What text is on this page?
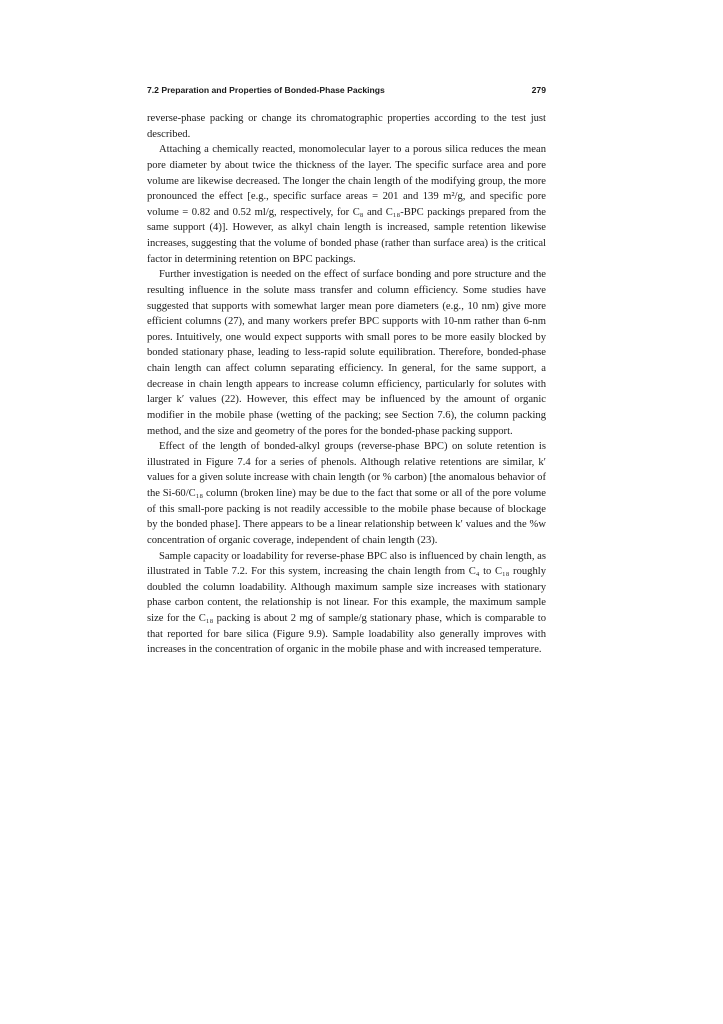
7.2 Preparation and Properties of Bonded-Phase Packings	279

reverse-phase packing or change its chromatographic properties according to the test just described.

Attaching a chemically reacted, monomolecular layer to a porous silica reduces the mean pore diameter by about twice the thickness of the layer. The specific surface area and pore volume are likewise decreased. The longer the chain length of the modifying group, the more pronounced the effect [e.g., specific surface areas = 201 and 139 m²/g, and specific pore volume = 0.82 and 0.52 ml/g, respectively, for C₈ and C₁₈-BPC packings prepared from the same support (4)]. However, as alkyl chain length is increased, sample retention likewise increases, suggesting that the volume of bonded phase (rather than surface area) is the critical factor in determining retention on BPC packings.

Further investigation is needed on the effect of surface bonding and pore structure and the resulting influence in the solute mass transfer and column efficiency. Some studies have suggested that supports with somewhat larger mean pore diameters (e.g., 10 nm) give more efficient columns (27), and many workers prefer BPC supports with 10-nm rather than 6-nm pores. Intuitively, one would expect supports with small pores to be more easily blocked by bonded stationary phase, leading to less-rapid solute equilibration. Therefore, bonded-phase chain length can affect column separating efficiency. In general, for the same support, a decrease in chain length appears to increase column efficiency, particularly for solutes with larger k′ values (22). However, this effect may be influenced by the amount of organic modifier in the mobile phase (wetting of the packing; see Section 7.6), the column packing method, and the size and geometry of the pores for the bonded-phase packing support.

Effect of the length of bonded-alkyl groups (reverse-phase BPC) on solute retention is illustrated in Figure 7.4 for a series of phenols. Although relative retentions are similar, k′ values for a given solute increase with chain length (or % carbon) [the anomalous behavior of the Si-60/C₁₈ column (broken line) may be due to the fact that some or all of the pore volume of this small-pore packing is not readily accessible to the mobile phase because of blockage by the bonded phase]. There appears to be a linear relationship between k′ values and the %w concentration of organic coverage, independent of chain length (23).

Sample capacity or loadability for reverse-phase BPC also is influenced by chain length, as illustrated in Table 7.2. For this system, increasing the chain length from C₄ to C₁₈ roughly doubled the column loadability. Although maximum sample size increases with stationary phase carbon content, the relationship is not linear. For this example, the maximum sample size for the C₁₈ packing is about 2 mg of sample/g stationary phase, which is comparable to that reported for bare silica (Figure 9.9). Sample loadability also generally improves with increases in the concentration of organic in the mobile phase and with increased temperature.
